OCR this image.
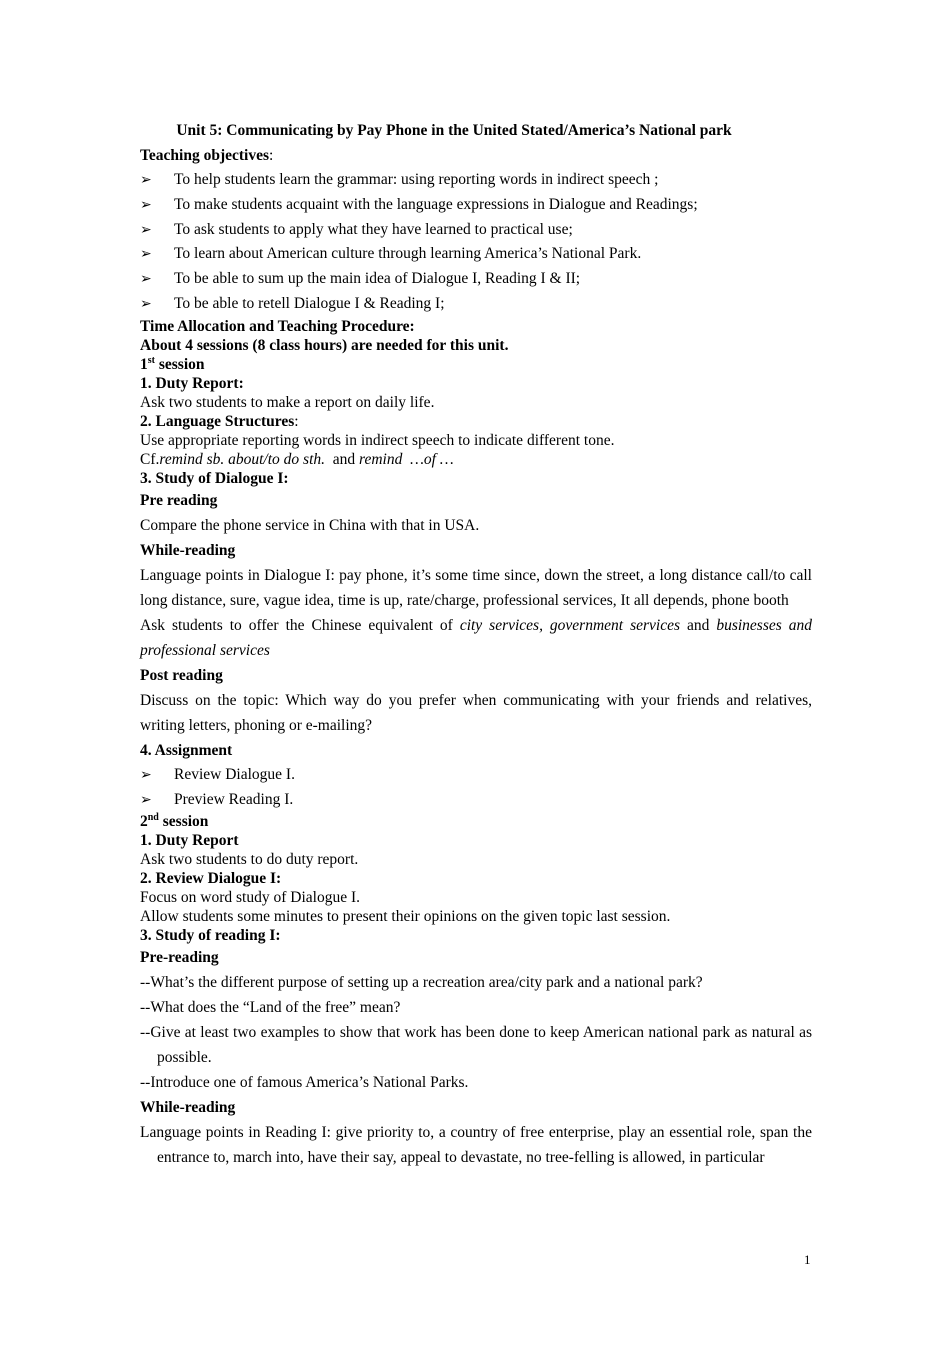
Unit 5: Communicating by Pay Phone in the United Stated/America’s National park
Teaching objectives:
➢ To help students learn the grammar: using reporting words in indirect speech ;
➢ To make students acquaint with the language expressions in Dialogue and Readings;
➢ To ask students to apply what they have learned to practical use;
➢ To learn about American culture through learning America’s National Park.
➢ To be able to sum up the main idea of Dialogue I, Reading I & II;
➢ To be able to retell Dialogue I & Reading I;
Time Allocation and Teaching Procedure:
About 4 sessions (8 class hours) are needed for this unit.
1st session
1. Duty Report:
Ask two students to make a report on daily life.
2. Language Structures:
Use appropriate reporting words in indirect speech to indicate different tone.
Cf.remind sb. about/to do sth.  and remind  …of …
3. Study of Dialogue I:
Pre reading
Compare the phone service in China with that in USA.
While-reading
Language points in Dialogue I: pay phone, it’s some time since, down the street, a long distance call/to call long distance, sure, vague idea, time is up, rate/charge, professional services, It all depends, phone booth
Ask students to offer the Chinese equivalent of city services, government services and businesses and professional services
Post reading
Discuss on the topic: Which way do you prefer when communicating with your friends and relatives, writing letters, phoning or e-mailing?
4. Assignment
➢ Review Dialogue I.
➢ Preview Reading I.
2nd session
1. Duty Report
Ask two students to do duty report.
2. Review Dialogue I:
Focus on word study of Dialogue I.
Allow students some minutes to present their opinions on the given topic last session.
3. Study of reading I:
Pre-reading
--What’s the different purpose of setting up a recreation area/city park and a national park?
--What does the “Land of the free” mean?
--Give at least two examples to show that work has been done to keep American national park as natural as possible.
--Introduce one of famous America’s National Parks.
While-reading
Language points in Reading I: give priority to, a country of free enterprise, play an essential role, span the entrance to, march into, have their say, appeal to devastate, no tree-felling is allowed, in particular
1
